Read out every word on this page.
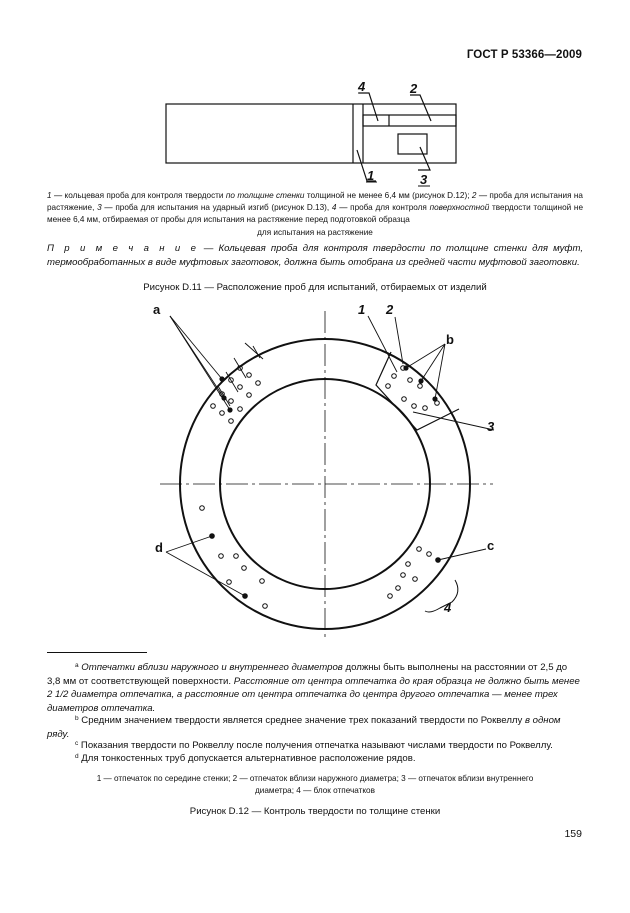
ГОСТ Р 53366—2009
4	2
3
1
1 — кольцевая проба для контроля твердости по толщине стенки толщиной не менее 6,4 мм (рисунок D.12); 2 — проба для испытания на растяжение, 3 — проба для испытания на ударный изгиб (рисунок D.13), 4 — проба для контроля поверхностной твердости толщиной не менее 6,4 мм, отбираемая от пробы для испытания на растяжение перед подготовкой образца
для испытания на растяжение
П р и м е ч а н и е — Кольцевая проба для контроля твердости по толщине стенки для муфт, термообработанных в виде муфтовых заготовок, должна быть отобрана из средней части муфтовой заготовки.
Рисунок D.11 — Расположение проб для испытаний, отбираемых от изделий
a
b
c
d
1 2
3
4
$^a$ Отпечатки вблизи наружного и внутреннего диаметров должны быть выполнены на расстоянии от 2,5 до 3,8 мм от соответствующей поверхности. Расстояние от центра отпечатка до края образца не должно быть менее 2 1/2 диаметра отпечатка, а расстояние от центра отпечатка до центра другого отпечатка — менее трех диаметров отпечатка.
$^b$ Средним значением твердости является среднее значение трех показаний твердости по Роквеллу в одном ряду.
$^c$ Показания твердости по Роквеллу после получения отпечатка называют числами твердости по Роквеллу.
$^d$ Для тонкостенных труб допускается альтернативное расположение рядов.
1 — отпечаток по середине стенки; 2 — отпечаток вблизи наружного диаметра; 3 — отпечаток вблизи внутреннего
диаметра; 4 — блок отпечатков
Рисунок D.12 — Контроль твердости по толщине стенки
159
